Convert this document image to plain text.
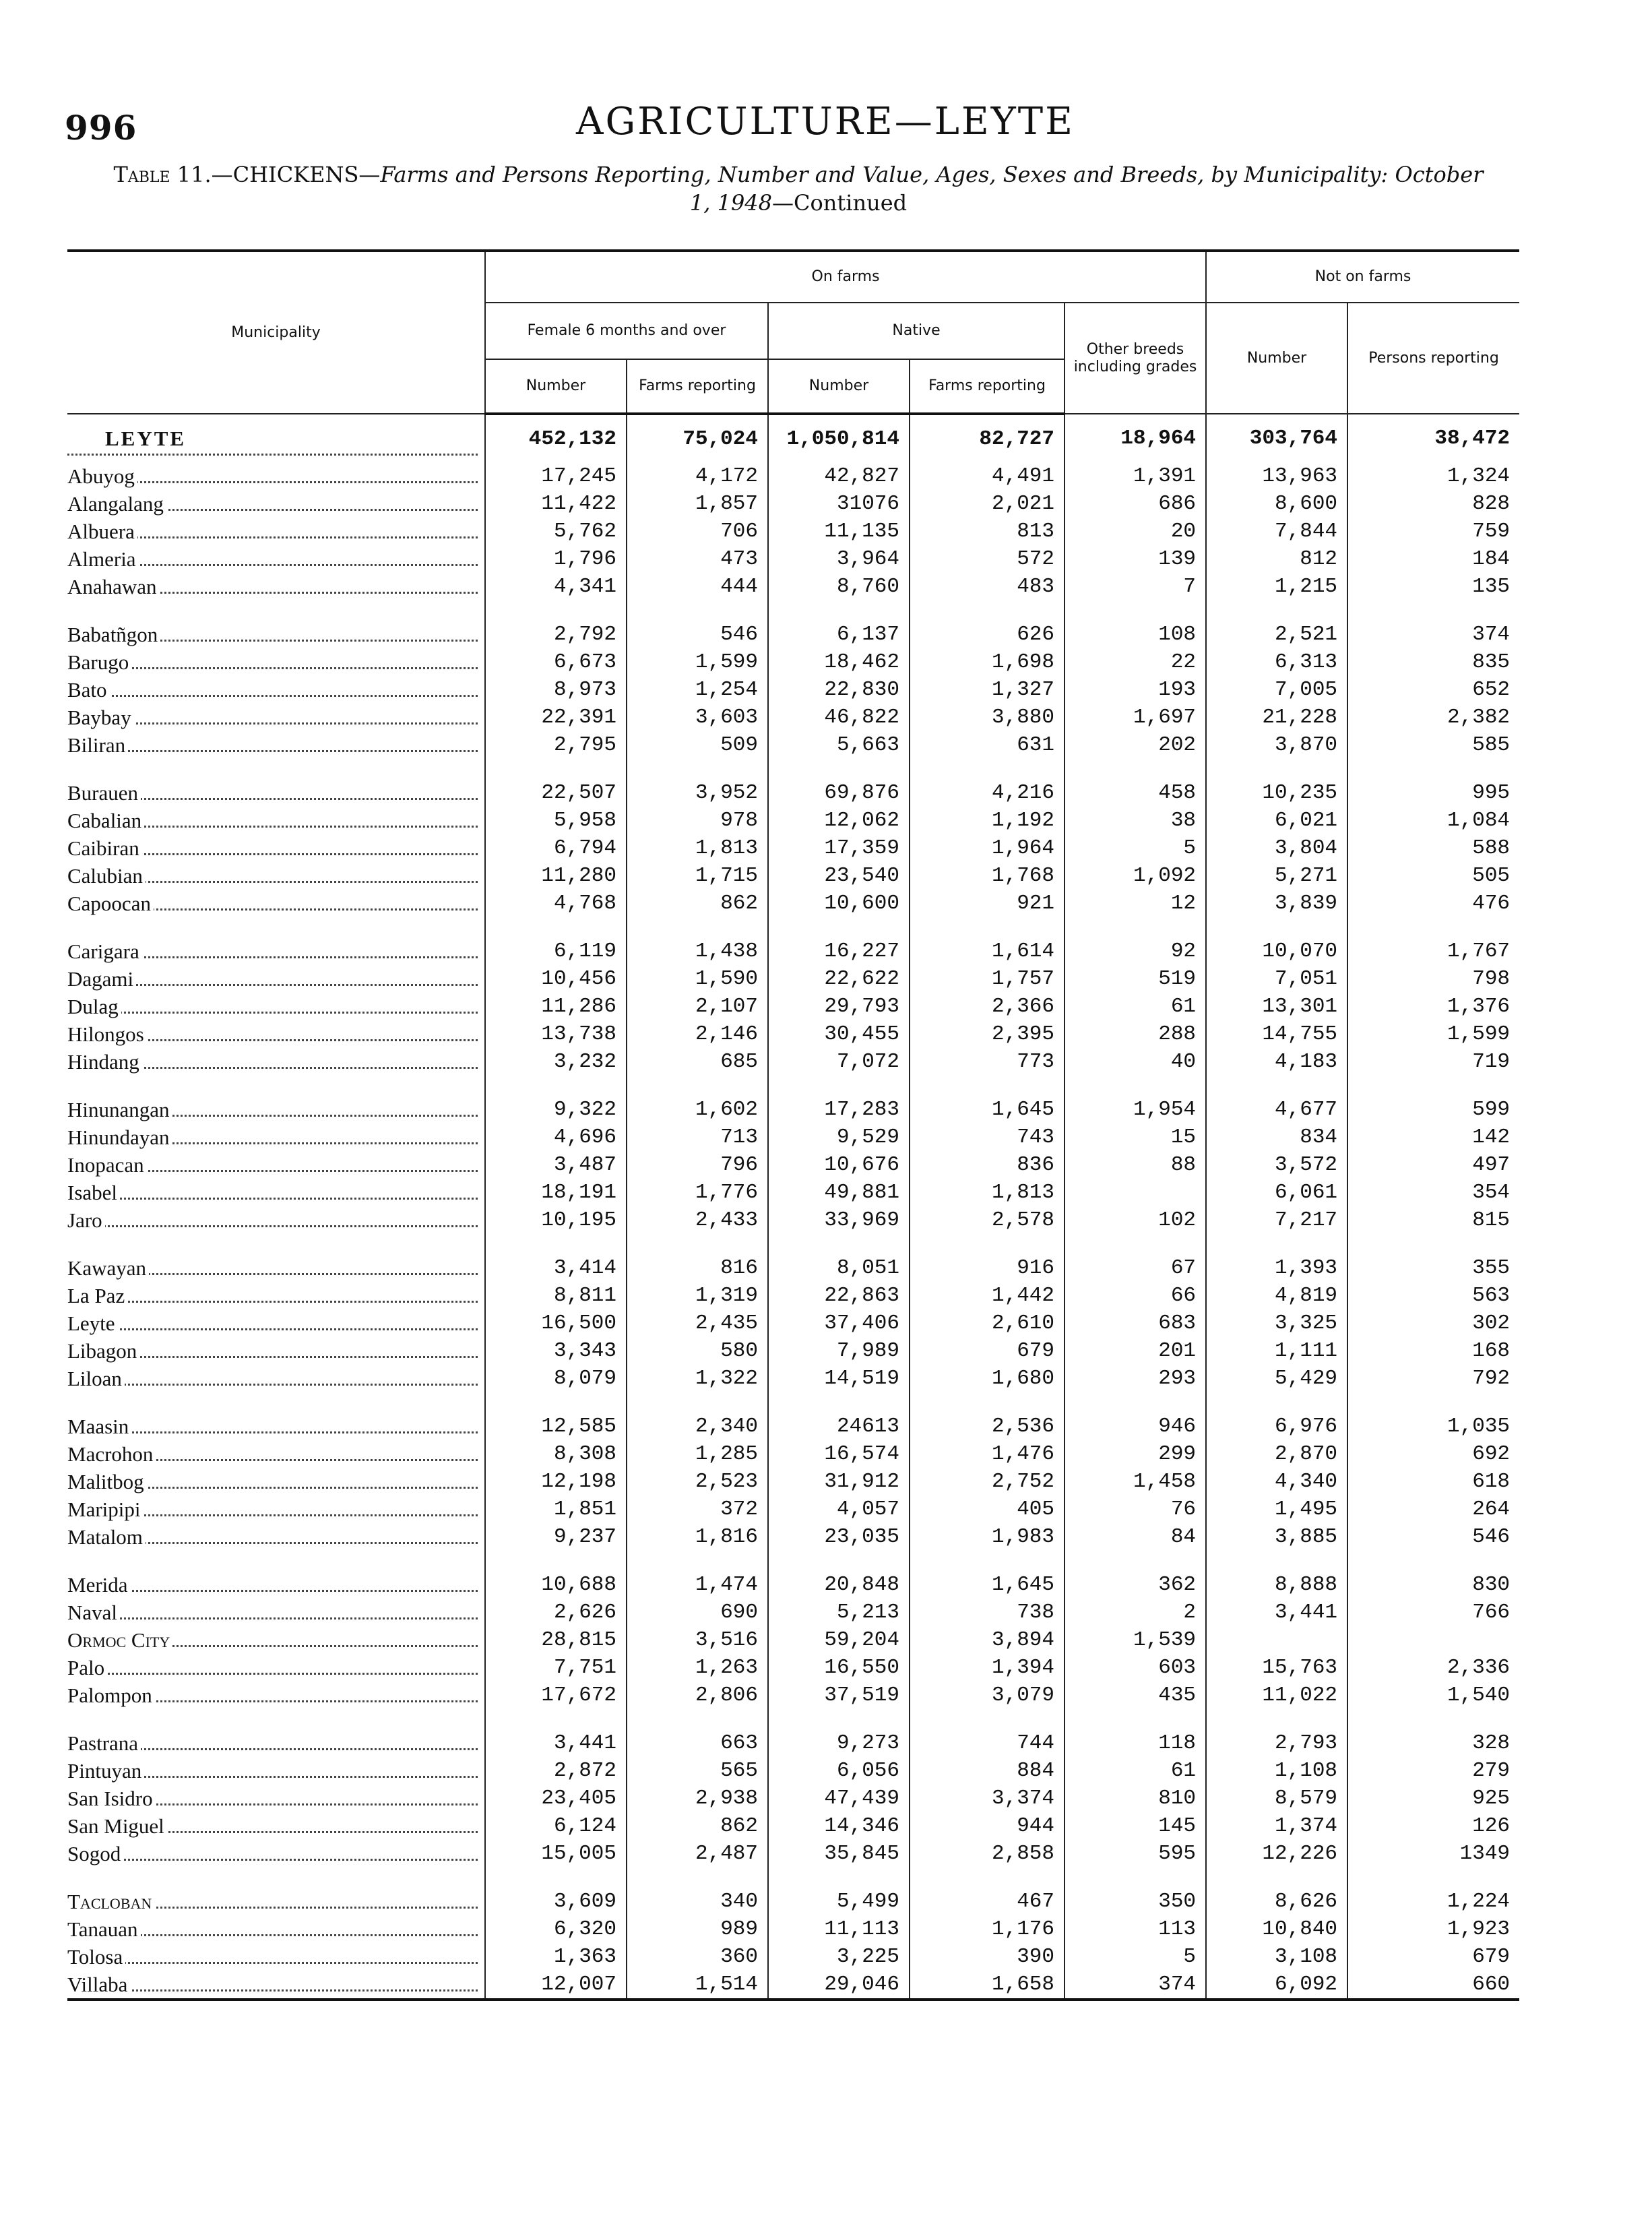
996	AGRICULTURE—LEYTE
Table 11.—CHICKENS—Farms and Persons Reporting, Number and Value, Ages, Sexes and Breeds, by Municipality: October 1, 1948—Continued
Municipality	On farms					Not on farms	
	Female 6 months and over		Native		Other breeds including grades	Number	Persons reporting
	Number	Farms reporting	Number	Farms reporting			
LEYTE	452,132	75,024	1,050,814	82,727	18,964	303,764	38,472
Abuyog	17,245	4,172	42,827	4,491	1,391	13,963	1,324
Alangalang	11,422	1,857	31076	2,021	686	8,600	828
Albuera	5,762	706	11,135	813	20	7,844	759
Almeria	1,796	473	3,964	572	139	812	184
Anahawan	4,341	444	8,760	483	7	1,215	135

Babatñgon	2,792	546	6,137	626	108	2,521	374
Barugo	6,673	1,599	18,462	1,698	22	6,313	835
Bato	8,973	1,254	22,830	1,327	193	7,005	652
Baybay	22,391	3,603	46,822	3,880	1,697	21,228	2,382
Biliran	2,795	509	5,663	631	202	3,870	585

Burauen	22,507	3,952	69,876	4,216	458	10,235	995
Cabalian	5,958	978	12,062	1,192	38	6,021	1,084
Caibiran	6,794	1,813	17,359	1,964	5	3,804	588
Calubian	11,280	1,715	23,540	1,768	1,092	5,271	505
Capoocan	4,768	862	10,600	921	12	3,839	476

Carigara	6,119	1,438	16,227	1,614	92	10,070	1,767
Dagami	10,456	1,590	22,622	1,757	519	7,051	798
Dulag	11,286	2,107	29,793	2,366	61	13,301	1,376
Hilongos	13,738	2,146	30,455	2,395	288	14,755	1,599
Hindang	3,232	685	7,072	773	40	4,183	719

Hinunangan	9,322	1,602	17,283	1,645	1,954	4,677	599
Hinundayan	4,696	713	9,529	743	15	834	142
Inopacan	3,487	796	10,676	836	88	3,572	497
Isabel	18,191	1,776	49,881	1,813		6,061	354
Jaro	10,195	2,433	33,969	2,578	102	7,217	815

Kawayan	3,414	816	8,051	916	67	1,393	355
La Paz	8,811	1,319	22,863	1,442	66	4,819	563
Leyte	16,500	2,435	37,406	2,610	683	3,325	302
Libagon	3,343	580	7,989	679	201	1,111	168
Liloan	8,079	1,322	14,519	1,680	293	5,429	792

Maasin	12,585	2,340	24613	2,536	946	6,976	1,035
Macrohon	8,308	1,285	16,574	1,476	299	2,870	692
Malitbog	12,198	2,523	31,912	2,752	1,458	4,340	618
Maripipi	1,851	372	4,057	405	76	1,495	264
Matalom	9,237	1,816	23,035	1,983	84	3,885	546

Merida	10,688	1,474	20,848	1,645	362	8,888	830
Naval	2,626	690	5,213	738	2	3,441	766
Ormoc City	28,815	3,516	59,204	3,894	1,539		
Palo	7,751	1,263	16,550	1,394	603	15,763	2,336
Palompon	17,672	2,806	37,519	3,079	435	11,022	1,540

Pastrana	3,441	663	9,273	744	118	2,793	328
Pintuyan	2,872	565	6,056	884	61	1,108	279
San Isidro	23,405	2,938	47,439	3,374	810	8,579	925
San Miguel	6,124	862	14,346	944	145	1,374	126
Sogod	15,005	2,487	35,845	2,858	595	12,226	1349

Tacloban	3,609	340	5,499	467	350	8,626	1,224
Tanauan	6,320	989	11,113	1,176	113	10,840	1,923
Tolosa	1,363	360	3,225	390	5	3,108	679
Villaba	12,007	1,514	29,046	1,658	374	6,092	660
